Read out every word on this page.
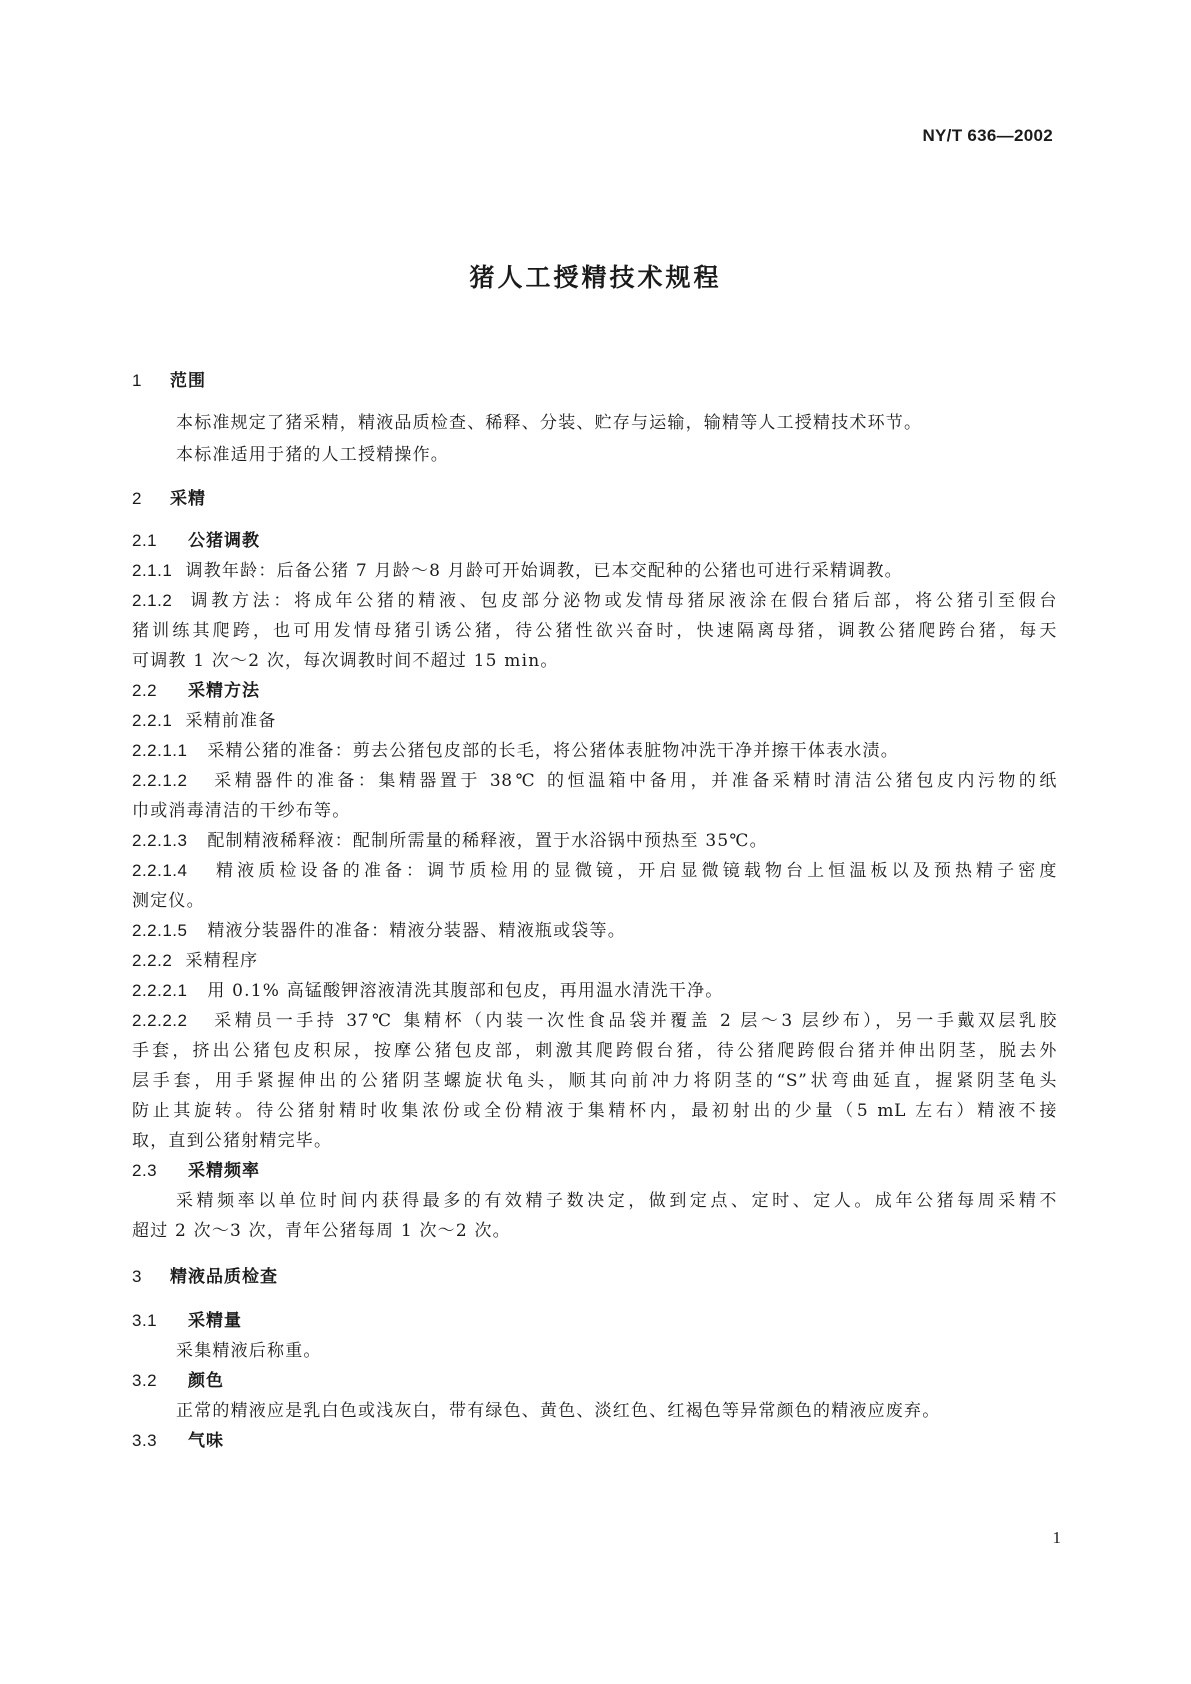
NY/T 636—2002
猪人工授精技术规程
1 范围
本标准规定了猪采精，精液品质检查、稀释、分装、贮存与运输，输精等人工授精技术环节。
本标准适用于猪的人工授精操作。
2 采精
2.1 公猪调教
2.1.1 调教年龄：后备公猪 7 月龄～8 月龄可开始调教，已本交配种的公猪也可进行采精调教。
2.1.2 调教方法：将成年公猪的精液、包皮部分泌物或发情母猪尿液涂在假台猪后部，将公猪引至假台
猪训练其爬跨，也可用发情母猪引诱公猪，待公猪性欲兴奋时，快速隔离母猪，调教公猪爬跨台猪，每天
可调教 1 次～2 次，每次调教时间不超过 15 min。
2.2 采精方法
2.2.1 采精前准备
2.2.1.1 采精公猪的准备：剪去公猪包皮部的长毛，将公猪体表脏物冲洗干净并擦干体表水渍。
2.2.1.2 采精器件的准备：集精器置于 38℃ 的恒温箱中备用，并准备采精时清洁公猪包皮内污物的纸
巾或消毒清洁的干纱布等。
2.2.1.3 配制精液稀释液：配制所需量的稀释液，置于水浴锅中预热至 35℃。
2.2.1.4 精液质检设备的准备：调节质检用的显微镜，开启显微镜载物台上恒温板以及预热精子密度
测定仪。
2.2.1.5 精液分装器件的准备：精液分装器、精液瓶或袋等。
2.2.2 采精程序
2.2.2.1 用 0.1% 高锰酸钾溶液清洗其腹部和包皮，再用温水清洗干净。
2.2.2.2 采精员一手持 37℃ 集精杯（内装一次性食品袋并覆盖 2 层～3 层纱布），另一手戴双层乳胶
手套，挤出公猪包皮积尿，按摩公猪包皮部，刺激其爬跨假台猪，待公猪爬跨假台猪并伸出阴茎，脱去外
层手套，用手紧握伸出的公猪阴茎螺旋状龟头，顺其向前冲力将阴茎的“S”状弯曲延直，握紧阴茎龟头
防止其旋转。待公猪射精时收集浓份或全份精液于集精杯内，最初射出的少量（5 mL 左右）精液不接
取，直到公猪射精完毕。
2.3 采精频率
采精频率以单位时间内获得最多的有效精子数决定，做到定点、定时、定人。成年公猪每周采精不
超过 2 次～3 次，青年公猪每周 1 次～2 次。
3 精液品质检查
3.1 采精量
采集精液后称重。
3.2 颜色
正常的精液应是乳白色或浅灰白，带有绿色、黄色、淡红色、红褐色等异常颜色的精液应废弃。
3.3 气味
1
